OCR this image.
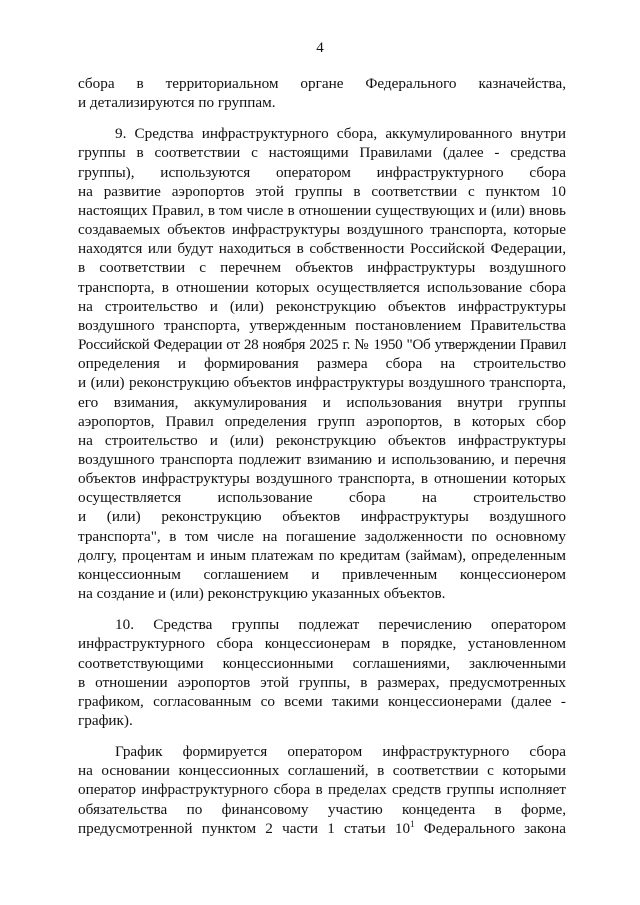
4

сбора в территориальном органе Федерального казначейства,
и детализируются по группам.

9. Средства инфраструктурного сбора, аккумулированного внутри
группы в соответствии с настоящими Правилами (далее - средства
группы), используются оператором инфраструктурного сбора
на развитие аэропортов этой группы в соответствии с пунктом 10
настоящих Правил, в том числе в отношении существующих и (или) вновь
создаваемых объектов инфраструктуры воздушного транспорта, которые
находятся или будут находиться в собственности Российской Федерации,
в соответствии с перечнем объектов инфраструктуры воздушного
транспорта, в отношении которых осуществляется использование сбора
на строительство и (или) реконструкцию объектов инфраструктуры
воздушного транспорта, утвержденным постановлением Правительства
Российской Федерации от 28 ноября 2025 г. № 1950 "Об утверждении Правил
определения и формирования размера сбора на строительство
и (или) реконструкцию объектов инфраструктуры воздушного транспорта,
его взимания, аккумулирования и использования внутри группы
аэропортов, Правил определения групп аэропортов, в которых сбор
на строительство и (или) реконструкцию объектов инфраструктуры
воздушного транспорта подлежит взиманию и использованию, и перечня
объектов инфраструктуры воздушного транспорта, в отношении которых
осуществляется использование сбора на строительство
и (или) реконструкцию объектов инфраструктуры воздушного
транспорта", в том числе на погашение задолженности по основному
долгу, процентам и иным платежам по кредитам (займам), определенным
концессионным соглашением и привлеченным концессионером
на создание и (или) реконструкцию указанных объектов.

10. Средства группы подлежат перечислению оператором
инфраструктурного сбора концессионерам в порядке, установленном
соответствующими концессионными соглашениями, заключенными
в отношении аэропортов этой группы, в размерах, предусмотренных
графиком, согласованным со всеми такими концессионерами (далее -
график).

График формируется оператором инфраструктурного сбора
на основании концессионных соглашений, в соответствии с которыми
оператор инфраструктурного сбора в пределах средств группы исполняет
обязательства по финансовому участию концедента в форме,
предусмотренной пунктом 2 части 1 статьи $10^1$ Федерального закона
